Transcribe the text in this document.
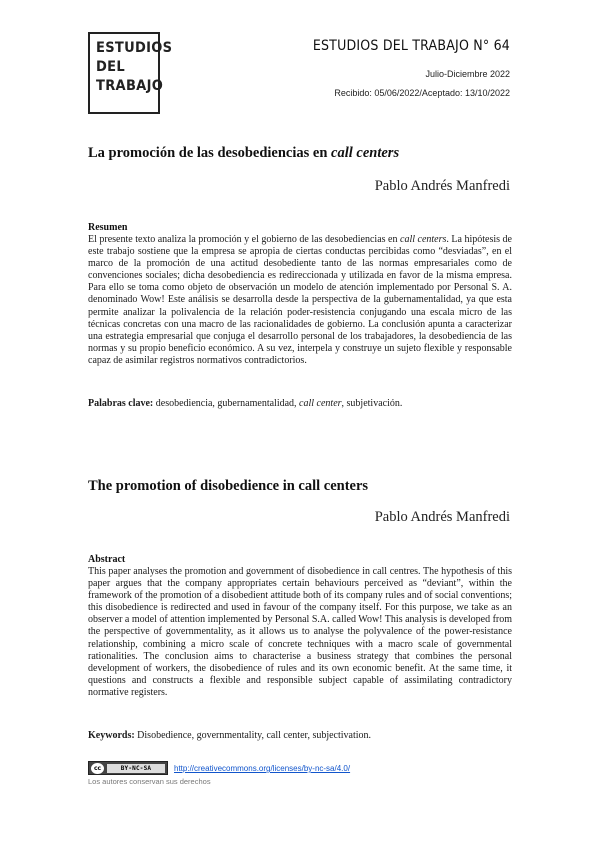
ESTUDIOS
DEL
TRABAJO
ESTUDIOS DEL TRABAJO N° 64
Julio-Diciembre 2022
Recibido: 05/06/2022/Aceptado: 13/10/2022
La promoción de las desobediencias en call centers
Pablo Andrés Manfredi
Resumen
El presente texto analiza la promoción y el gobierno de las desobediencias en call centers. La hipótesis de este trabajo sostiene que la empresa se apropia de ciertas conductas percibidas como “desviadas”, en el marco de la promoción de una actitud desobediente tanto de las normas empresariales como de convenciones sociales; dicha desobediencia es redireccionada y utilizada en favor de la misma empresa. Para ello se toma como objeto de observación un modelo de atención implementado por Personal S. A. denominado Wow! Este análisis se desarrolla desde la perspectiva de la gubernamentalidad, ya que esta permite analizar la polivalencia de la relación poder-resistencia conjugando una escala micro de las técnicas concretas con una macro de las racionalidades de gobierno. La conclusión apunta a caracterizar una estrategia empresarial que conjuga el desarrollo personal de los trabajadores, la desobediencia de las normas y su propio beneficio económico. A su vez, interpela y construye un sujeto flexible y responsable capaz de asimilar registros normativos contradictorios.
Palabras clave: desobediencia, gubernamentalidad, call center, subjetivación.
The promotion of disobedience in call centers
Pablo Andrés Manfredi
Abstract
This paper analyses the promotion and government of disobedience in call centres. The hypothesis of this paper argues that the company appropriates certain behaviours perceived as “deviant”, within the framework of the promotion of a disobedient attitude both of its company rules and of social conventions; this disobedience is redirected and used in favour of the company itself. For this purpose, we take as an observer a model of attention implemented by Personal S.A. called Wow! This analysis is developed from the perspective of governmentality, as it allows us to analyse the polyvalence of the power-resistance relationship, combining a micro scale of concrete techniques with a macro scale of governmental rationalities. The conclusion aims to characterise a business strategy that combines the personal development of workers, the disobedience of rules and its own economic benefit. At the same time, it questions and constructs a flexible and responsible subject capable of assimilating contradictory normative registers.
Keywords: Disobedience, governmentality, call center, subjectivation.
cc	BY-NC-SA	http://creativecommons.org/licenses/by-nc-sa/4.0/
Los autores conservan sus derechos
